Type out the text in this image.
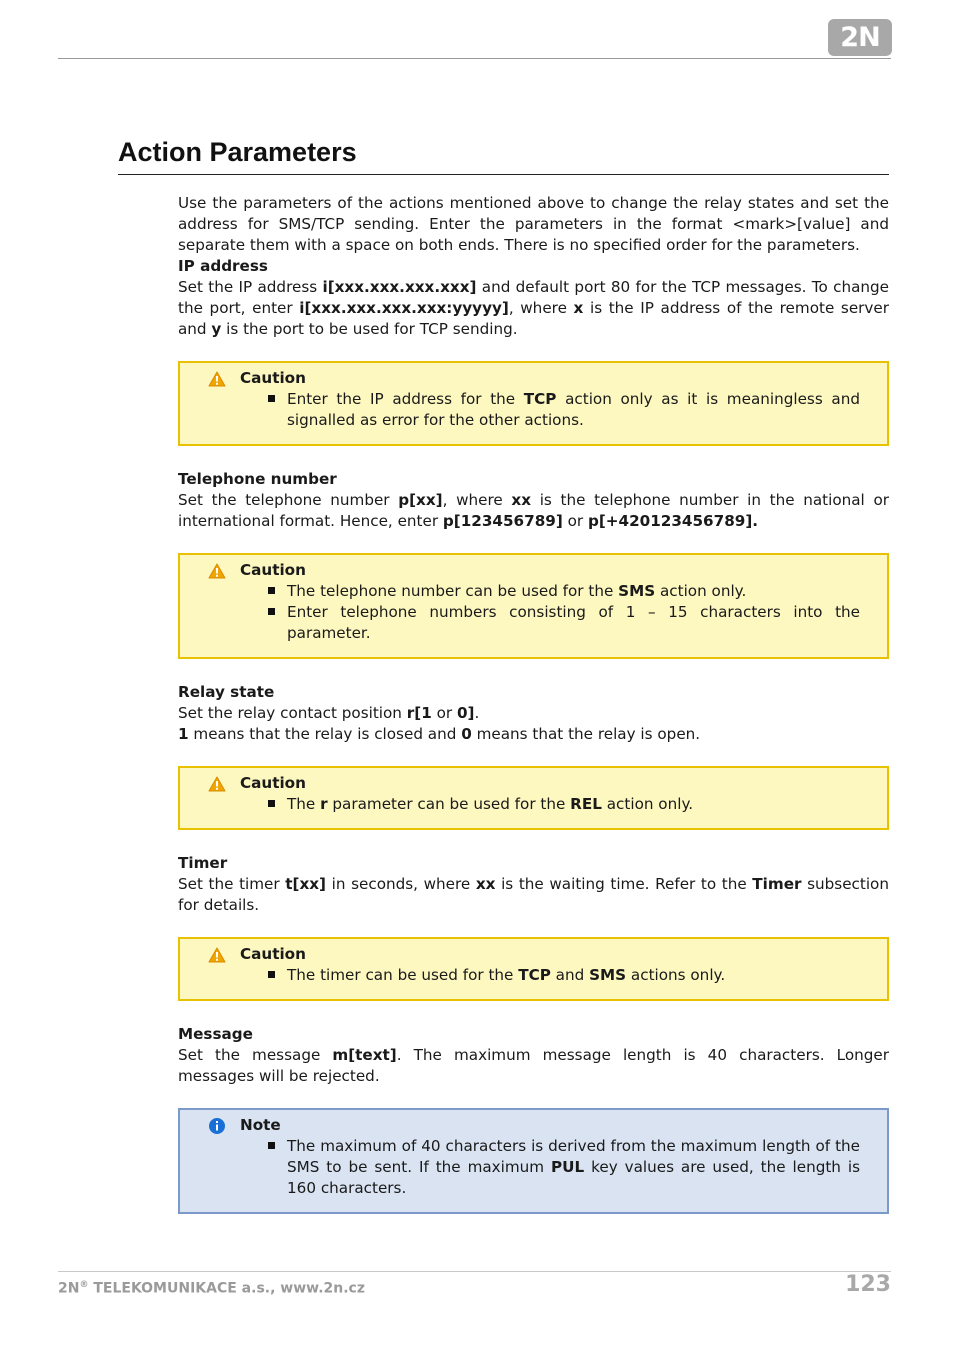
2N
Action Parameters

Use the parameters of the actions mentioned above to change the relay states and set the address for SMS/TCP sending. Enter the parameters in the format <mark>[value] and separate them with a space on both ends. There is no specified order for the parameters.

IP address

Set the IP address i[xxx.xxx.xxx.xxx] and default port 80 for the TCP messages. To change the port, enter i[xxx.xxx.xxx.xxx:yyyyy], where x is the IP address of the remote server and y is the port to be used for TCP sending.

Caution
Enter the IP address for the TCP action only as it is meaningless and signalled as error for the other actions.

Telephone number

Set the telephone number p[xx], where xx is the telephone number in the national or international format. Hence, enter p[123456789] or p[+420123456789].

Caution
The telephone number can be used for the SMS action only.
Enter telephone numbers consisting of 1 – 15 characters into the parameter.

Relay state

Set the relay contact position r[1 or 0].
1 means that the relay is closed and 0 means that the relay is open.

Caution
The r parameter can be used for the REL action only.

Timer

Set the timer t[xx] in seconds, where xx is the waiting time. Refer to the Timer subsection for details.

Caution
The timer can be used for the TCP and SMS actions only.

Message

Set the message m[text]. The maximum message length is 40 characters. Longer messages will be rejected.

Note
The maximum of 40 characters is derived from the maximum length of the SMS to be sent. If the maximum PUL key values are used, the length is 160 characters.
2N® TELEKOMUNIKACE a.s., www.2n.cz	123
